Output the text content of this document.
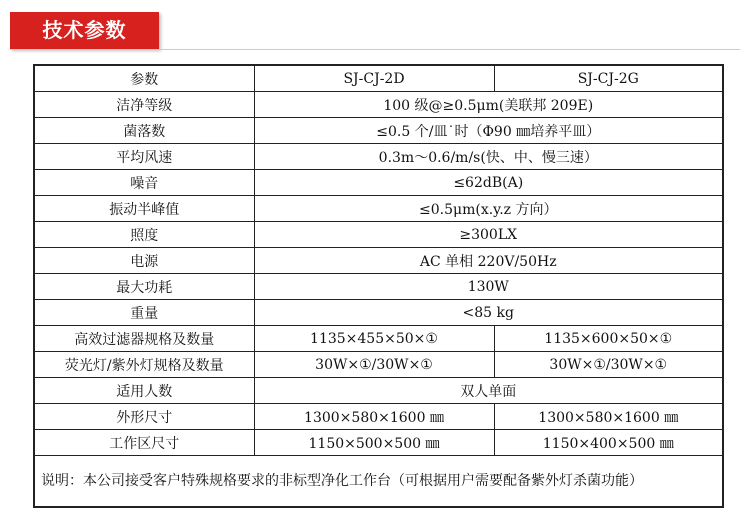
技术参数
参数	SJ-CJ-2D	SJ-CJ-2G
洁净等级	100 级@≥0.5μm(美联邦 209E)	
菌落数	≤0.5 个/皿˙时（Φ90 ㎜培养平皿）	
平均风速	0.3m～0.6/m/s(快、中、慢三速）	
噪音	≤62dB(A)	
振动半峰值	≤0.5μm(x.y.z 方向）	
照度	≥300LX	
电源	AC 单相 220V/50Hz	
最大功耗	130W	
重量	<85 kg	
高效过滤器规格及数量	1135×455×50×①	1135×600×50×①
荧光灯/紫外灯规格及数量	30W×①/30W×①	30W×①/30W×①
适用人数	双人单面	
外形尺寸	1300×580×1600 ㎜	1300×580×1600 ㎜
工作区尺寸	1150×500×500 ㎜	1150×400×500 ㎜
说明：本公司接受客户特殊规格要求的非标型净化工作台（可根据用户需要配备紫外灯杀菌功能）		
